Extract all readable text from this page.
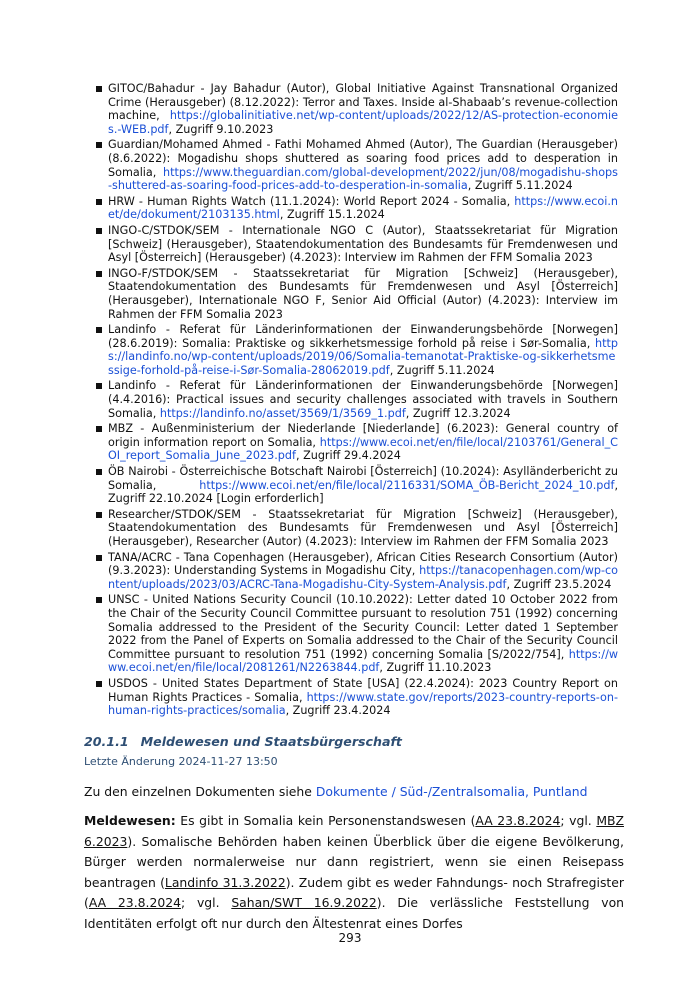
GITOC/Bahadur - Jay Bahadur (Autor), Global Initiative Against Transnational Organized Crime (Herausgeber) (8.12.2022): Terror and Taxes. Inside al-Shabaab’s revenue-collection machine, https://globalinitiative.net/wp-content/uploads/2022/12/AS-protection-economies.-WEB.pdf, Zugriff 9.10.2023
Guardian/Mohamed Ahmed - Fathi Mohamed Ahmed (Autor), The Guardian (Herausgeber) (8.6.2022): Mogadishu shops shuttered as soaring food prices add to desperation in Somalia, https://www.theguardian.com/global-development/2022/jun/08/mogadishu-shops-shuttered-as-soaring-food-prices-add-to-desperation-in-somalia, Zugriff 5.11.2024
HRW - Human Rights Watch (11.1.2024): World Report 2024 - Somalia, https://www.ecoi.net/de/dokument/2103135.html, Zugriff 15.1.2024
INGO-C/STDOK/SEM - Internationale NGO C (Autor), Staatssekretariat für Migration [Schweiz] (Herausgeber), Staatendokumentation des Bundesamts für Fremdenwesen und Asyl [Österreich] (Herausgeber) (4.2023): Interview im Rahmen der FFM Somalia 2023
INGO-F/STDOK/SEM - Staatssekretariat für Migration [Schweiz] (Herausgeber), Staatendokumentation des Bundesamts für Fremdenwesen und Asyl [Österreich] (Herausgeber), Internationale NGO F, Senior Aid Official (Autor) (4.2023): Interview im Rahmen der FFM Somalia 2023
Landinfo - Referat für Länderinformationen der Einwanderungsbehörde [Norwegen] (28.6.2019): Somalia: Praktiske og sikkerhetsmessige forhold på reise i Sør-Somalia, https://landinfo.no/wp-content/uploads/2019/06/Somalia-temanotat-Praktiske-og-sikkerhetsmessige-forhold-på-reise-i-Sør-Somalia-28062019.pdf, Zugriff 5.11.2024
Landinfo - Referat für Länderinformationen der Einwanderungsbehörde [Norwegen] (4.4.2016): Practical issues and security challenges associated with travels in Southern Somalia, https://landinfo.no/asset/3569/1/3569_1.pdf, Zugriff 12.3.2024
MBZ - Außenministerium der Niederlande [Niederlande] (6.2023): General country of origin information report on Somalia, https://www.ecoi.net/en/file/local/2103761/General_COI_report_Somalia_June_2023.pdf, Zugriff 29.4.2024
ÖB Nairobi - Österreichische Botschaft Nairobi [Österreich] (10.2024): Asylländerbericht zu Somalia, https://www.ecoi.net/en/file/local/2116331/SOMA_ÖB-Bericht_2024_10.pdf, Zugriff 22.10.2024 [Login erforderlich]
Researcher/STDOK/SEM - Staatssekretariat für Migration [Schweiz] (Herausgeber), Staatendokumentation des Bundesamts für Fremdenwesen und Asyl [Österreich] (Herausgeber), Researcher (Autor) (4.2023): Interview im Rahmen der FFM Somalia 2023
TANA/ACRC - Tana Copenhagen (Herausgeber), African Cities Research Consortium (Autor) (9.3.2023): Understanding Systems in Mogadishu City, https://tanacopenhagen.com/wp-content/uploads/2023/03/ACRC-Tana-Mogadishu-City-System-Analysis.pdf, Zugriff 23.5.2024
UNSC - United Nations Security Council (10.10.2022): Letter dated 10 October 2022 from the Chair of the Security Council Committee pursuant to resolution 751 (1992) concerning Somalia addressed to the President of the Security Council: Letter dated 1 September 2022 from the Panel of Experts on Somalia addressed to the Chair of the Security Council Committee pursuant to resolution 751 (1992) concerning Somalia [S/2022/754], https://www.ecoi.net/en/file/local/2081261/N2263844.pdf, Zugriff 11.10.2023
USDOS - United States Department of State [USA] (22.4.2024): 2023 Country Report on Human Rights Practices - Somalia, https://www.state.gov/reports/2023-country-reports-on-human-rights-practices/somalia, Zugriff 23.4.2024
20.1.1 Meldewesen und Staatsbürgerschaft
Letzte Änderung 2024-11-27 13:50
Zu den einzelnen Dokumenten siehe Dokumente / Süd-/Zentralsomalia, Puntland
Meldewesen: Es gibt in Somalia kein Personenstandswesen (AA 23.8.2024; vgl. MBZ 6.2023). Somalische Behörden haben keinen Überblick über die eigene Bevölkerung, Bürger werden normalerweise nur dann registriert, wenn sie einen Reisepass beantragen (Landinfo 31.3.2022). Zudem gibt es weder Fahndungs- noch Strafregister (AA 23.8.2024; vgl. Sahan/SWT 16.9.2022). Die verlässliche Feststellung von Identitäten erfolgt oft nur durch den Ältestenrat eines Dorfes
293
